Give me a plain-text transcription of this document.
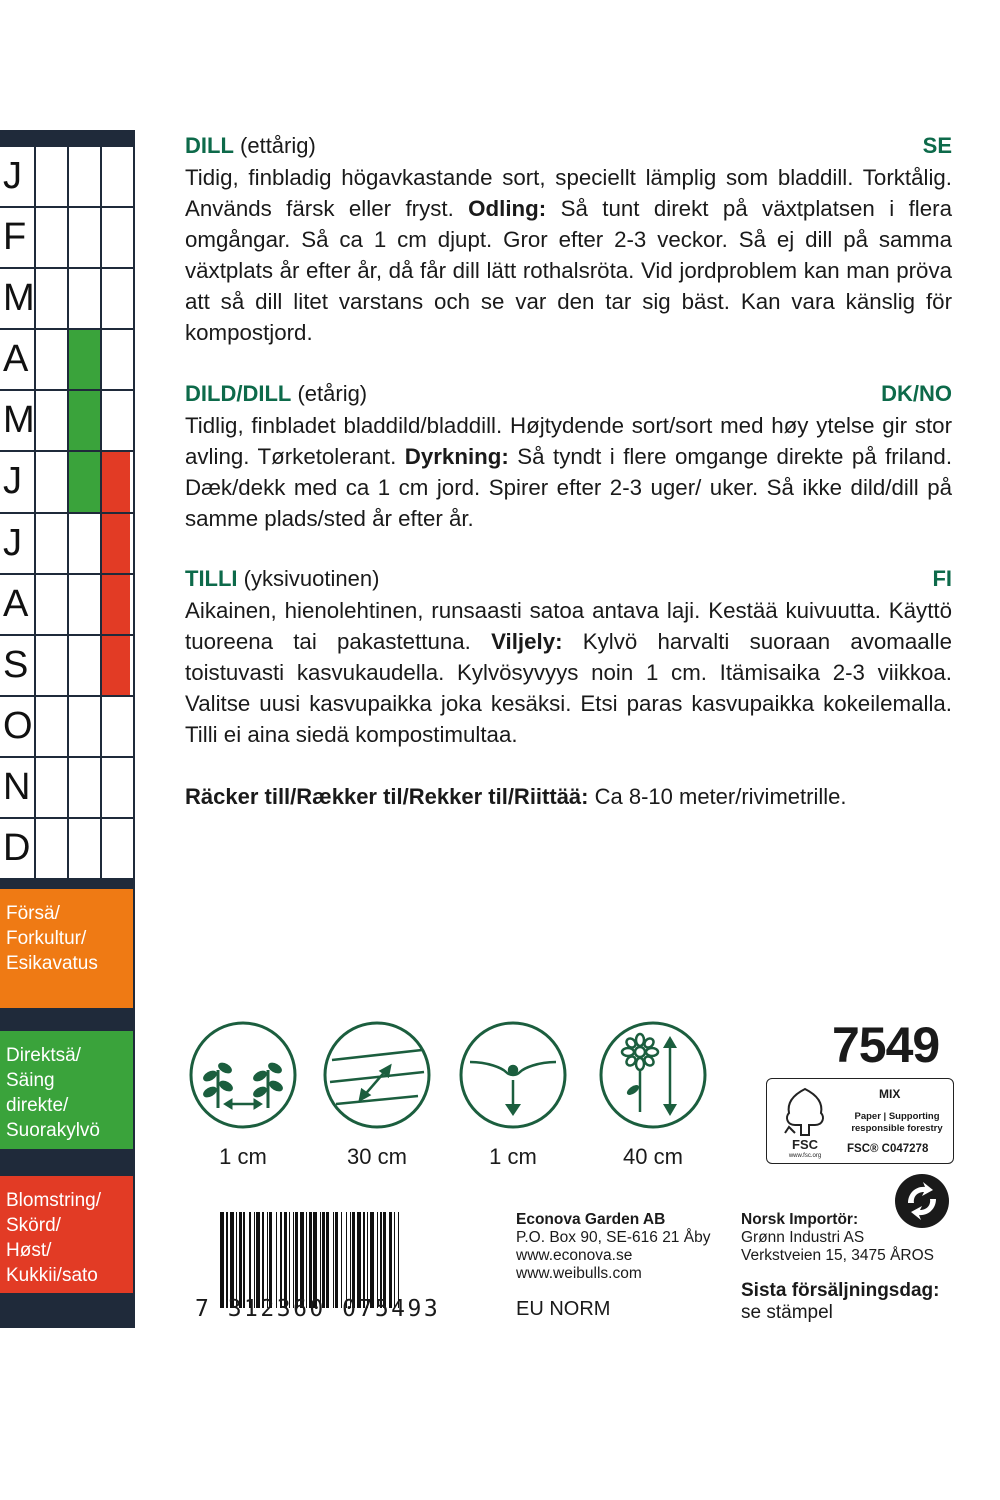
J
F
M
A
M
J
J
A
S
O
N
D
Försä/
Forkultur/
Esikavatus
Direktsä/
Säing
direkte/
Suorakylvö
Blomstring/
Skörd/
Høst/
Kukkii/sato
DILL (ettårig)	SE
Tidig, finbladig högavkastande sort, speciellt lämplig som bladdill. Torktålig. Används färsk eller fryst. Odling: Så tunt direkt på växtplatsen i flera omgångar. Så ca 1 cm djupt. Gror efter 2-3 veckor. Så ej dill på samma växtplats år efter år, då får dill lätt rothalsröta. Vid jordproblem kan man pröva att så dill litet varstans och se var den tar sig bäst. Kan vara känslig för kompostjord.
DILD/DILL (etårig)	DK/NO
Tidlig, finbladet bladdild/bladdill. Højtydende sort/sort med høy ytelse gir stor avling. Tørketolerant. Dyrkning: Så tyndt i flere omgange direkte på friland. Dæk/dekk med ca 1 cm jord. Spirer efter 2-3 uger/ uker. Så ikke dild/dill på samme plads/sted år efter år.
TILLI (yksivuotinen)	FI
Aikainen, hienolehtinen, runsaasti satoa antava laji. Kestää kuivuutta. Käyttö tuoreena tai pakastettuna. Viljely: Kylvö harvalti suoraan avomaalle toistuvasti kasvukaudella. Kylvösyvyys noin 1 cm. Itämisaika 2-3 viikkoa. Valitse uusi kasvupaikka joka kesäksi. Etsi paras kasvupaikka kokeilemalla. Tilli ei aina siedä kompostimultaa.
Räcker till/Rækker til/Rekker til/Riittää: Ca 8-10 meter/rivimetrille.
1 cm	30 cm	1 cm	40 cm
7549
FSC
www.fsc.org
MIX
Paper | Supporting responsible forestry
FSC® C047278
7 312360 075493
Econova Garden AB
P.O. Box 90, SE-616 21 Åby
www.econova.se
www.weibulls.com
EU NORM
Norsk Importör:
Grønn Industri AS
Verkstveien 15, 3475 ÅROS
Sista försäljningsdag:
se stämpel
